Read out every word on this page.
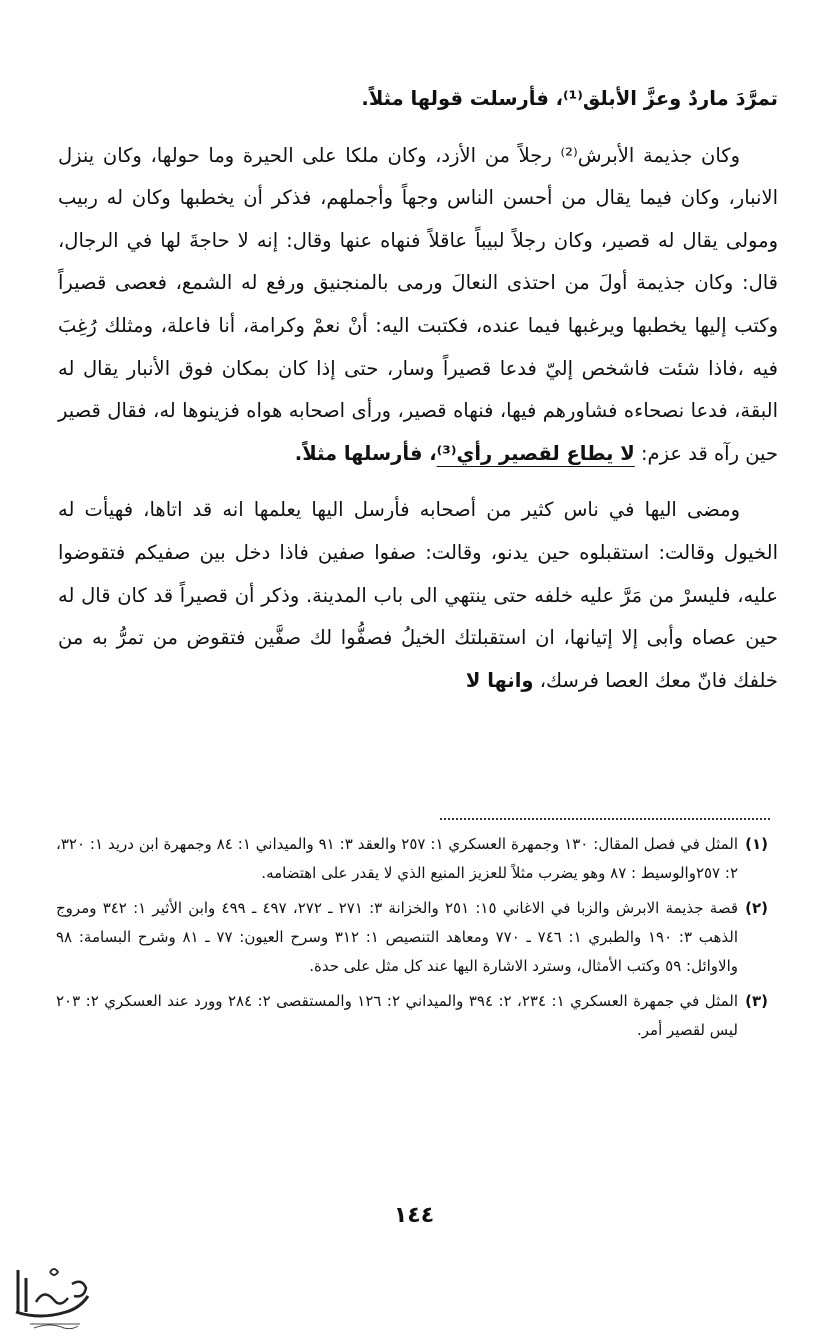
تمرَّدَ ماردٌ وعزَّ الأبلق⁽¹⁾، فأرسلت قولها مثلاً.

وكان جذيمة الأبرش⁽²⁾ رجلاً من الأزد، وكان ملكا على الحيرة وما حولها، وكان ينزل الانبار، وكان فيما يقال من أحسن الناس وجهاً وأجملهم، فذكر أن يخطبها وكان له ربيب ومولى يقال له قصير، وكان رجلاً لبيباً عاقلاً فنهاه عنها وقال: إنه لا حاجةَ لها في الرجال، قال: وكان جذيمة أولَ من احتذى النعالَ ورمى بالمنجنيق ورفع له الشمع، فعصى قصيراً وكتب إليها يخطبها ويرغبها فيما عنده، فكتبت اليه: أنْ نعمْ وكرامة، أنا فاعلة، ومثلك رُغِبَ فيه ،فاذا شئت فاشخص إليّ فدعا قصيراً وسار، حتى إذا كان بمكان فوق الأنبار يقال له البقة، فدعا نصحاءه فشاورهم فيها، فنهاه قصير، ورأى اصحابه هواه فزينوها له، فقال قصير حين رآه قد عزم: لا يطاع لقصير رأي⁽³⁾، فأرسلها مثلاً.

ومضى اليها في ناس كثير من أصحابه فأرسل اليها يعلمها انه قد اتاها، فهيأت له الخيول وقالت: استقبلوه حين يدنو، وقالت: صفوا صفين فاذا دخل بين صفيكم فتقوضوا عليه، فليسرْ من مَرَّ عليه خلفه حتى ينتهي الى باب المدينة. وذكر أن قصيراً قد كان قال له حين عصاه وأبى إلا إتيانها، ان استقبلتك الخيلُ فصفُّوا لك صفَّين فتقوض من تمرُّ به من خلفك فانّ معك العصا فرسك، وانها لا

(١)
المثل في فصل المقال: ١٣٠ وجمهرة العسكري ١: ٢٥٧ والعقد ٣: ٩١ والميداني ١: ٨٤ وجمهرة ابن دريد ١: ٣٢٠، ٢: ٢٥٧والوسيط : ٨٧ وهو يضرب مثلاً للعزيز المنيع الذي لا يقدر على اهتضامه.
(٢)
قصة جذيمة الابرش والزبا في الاغاني ١٥: ٢٥١ والخزانة ٣: ٢٧١ ـ ٢٧٢، ٤٩٧ ـ ٤٩٩ وابن الأثير ١: ٣٤٢ ومروج الذهب ٣: ١٩٠ والطبري ١: ٧٤٦ ـ ٧٧٠ ومعاهد التنصيص ١: ٣١٢ وسرح العيون: ٧٧ ـ ٨١ وشرح البسامة: ٩٨ والاوائل: ٥٩ وكتب الأمثال، وسترد الاشارة اليها عند كل مثل على حدة.
(٣)
المثل في جمهرة العسكري ١: ٢٣٤، ٢: ٣٩٤ والميداني ٢: ١٢٦ والمستقصى ٢: ٢٨٤ وورد عند العسكري ٢: ٢٠٣ ليس لقصير أمر.
١٤٤
